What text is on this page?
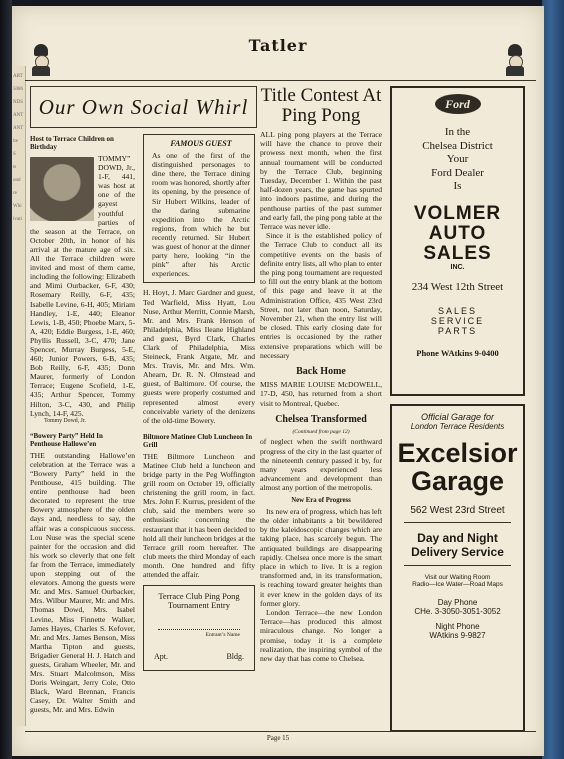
ART
5086
NDS
ANT
ANT
ite
S
ts
ond
re
Whi
ivati
Tatler
Our Own Social Whirl
Host to Terrace Children on Birthday

TOMMY” DOWD, Jr., 1-F, 441, was host at one of the gayest youthful parties of the season at the Terrace, on October 20th, in honor of his arrival at the mature age of six. All the Terrace children were invited and most of them came, including the following: Elizabeth and Mimi Ourbacker, 6-F, 430; Rosemary Reilly, 6-F, 435; Isabelle Levine, 6-H, 405; Miriam Handley, 1-E, 440; Eleanor Lewis, 1-B, 450; Phoebe Marx, 5-A, 420; Eddie Burgess, 1-E, 460; Phyllis Russell, 3-C, 470; Jane Spencer, Murray Burgess, 5-E, 460; Junior Powers, 6-B, 435; Bob Reilly, 6-F, 435; Donn Maurer, formerly of London Terrace; Eugene Scofield, 1-E, 435; Arthur Spencer, Tommy Hilton, 3-C, 430, and Philip Lynch, 14-F, 425.

Tommy Dowd, Jr.
“Bowery Party” Held In Penthouse Hallowe’en

THE outstanding Hallowe’en celebration at the Terrace was a “Bowery Party” held in the Penthouse, 415 building. The entire penthouse had been decorated to represent the true Bowery atmosphere of the olden days and, needless to say, the affair was a conspicuous success. Lou Nuse was the special scene painter for the occasion and did his work so cleverly that one felt far from the Terrace, immediately upon stepping out of the elevators. Among the guests were Mr. and Mrs. Samuel Ourbacker, Mrs. Wilbur Maurer, Mr. and Mrs. Thomas Dowd, Mrs. Isabel Levine, Miss Finnette Walker, James Hayes, Charles S. Kefover, Mr. and Mrs. James Benson, Miss Martha Tipton and guests, Brigadier General H. J. Hatch and guests, Graham Wheeler, Mr. and Mrs. Stuart Malcolmson, Miss Doris Weingart, Jerry Cole, Otto Black, Ward Brennan, Francis Casey, Dr. Walter Smith and guests, Mr. and Mrs. Edwin

FAMOUS GUEST

As one of the first of the distinguished personages to dine there, the Terrace dining room was honored, shortly after its opening, by the presence of Sir Hubert Wilkins, leader of the daring submarine expedition into the Arctic regions, from which he but recently returned. Sir Hubert was guest of honor at the dinner party here, looking “in the pink” after his Arctic experiences.

H. Hoyt, J. Marc Gardner and guest, Ted Warfield, Miss Hyatt, Lou Nuse, Arthur Merritt, Connie Marsh, Mr. and Mrs. Frank Henson of Philadelphia, Miss Ileane Highland and guest, Byrd Clark, Charles Clark of Philadelphia, Miss Steineck, Frank Atgate, Mr. and Mrs. Travis, Mr. and Mrs. Wm. Ahearn, Dr. R. N. Olmstead and guest, of Baltimore. Of course, the guests were properly costumed and represented almost every conceivable variety of the denizens of the old-time Bowery.

Biltmore Matinee Club Luncheon In Grill

THE Biltmore Luncheon and Matinee Club held a luncheon and bridge party in the Peg Woffington grill room on October 19, officially christening the grill room, in fact. Mrs. John F. Kurrus, president of the club, said the members were so enthusiastic concerning the restaurant that it has been decided to hold all their luncheon bridges at the Terrace grill room hereafter. The club meets the third Monday of each month. One hundred and fifty attended the affair.

Terrace Club Ping Pong
Tournament Entry
Entrant’s Name
Apt.	Bldg.
Title Contest At Ping Pong

ALL ping pong players at the Terrace will have the chance to prove their prowess next month, when the first annual tournament will be conducted by the Terrace Club, beginning Tuesday, December 1. Within the past half-dozen years, the game has spurted into indoors pastime, and during the penthouse parties of the past summer and early fall, the ping pong table at the Terrace was never idle.

Since it is the established policy of the Terrace Club to conduct all its competitive events on the basis of definite entry lists, all who plan to enter the ping pong tournament are requested to fill out the entry blank at the bottom of this page and leave it at the Administration Office, 435 West 23rd Street, not later than noon, Saturday, November 21, when the entry list will be closed. This early closing date for entries is occasioned by the rather extensive preparations which will be necessary

Back Home

MISS MARIE LOUISE McDOWELL, 17-D, 450, has returned from a short visit to Montreal, Quebec.

Chelsea Transformed
(Continued from page 12)

of neglect when the swift northward progress of the city in the last quarter of the nineteenth century passed it by, for many years experienced less advancement and development than almost any portion of the metropolis.

New Era of Progress

Its new era of progress, which has left the older inhabitants a bit bewildered by the kaleidoscopic changes which are taking place, has scarcely begun. The antiquated buildings are disappearing rapidly. Chelsea once more is the smart place in which to live. It is a region transformed and, in its transformation, is reaching toward greater heights than it ever knew in the golden days of its former glory.

London Terrace—the new London Terrace—has produced this almost miraculous change. No longer a promise, today it is a complete realization, the inspiring symbol of the new day that has come to Chelsea.

Ford
In the
Chelsea District
Your
Ford Dealer
Is
VOLMER
AUTO SALES
INC.
234 West 12th Street
SALES
SERVICE
PARTS
Phone WAtkins 9-0400
Official Garage for
London Terrace Residents
Excelsior
Garage
562 West 23rd Street
Day and Night
Delivery Service
Visit our Waiting Room
Radio—Ice Water—Road Maps
Day Phone
CHe. 3-3050-3051-3052
Night Phone
WAtkins 9-9827
Page 15
